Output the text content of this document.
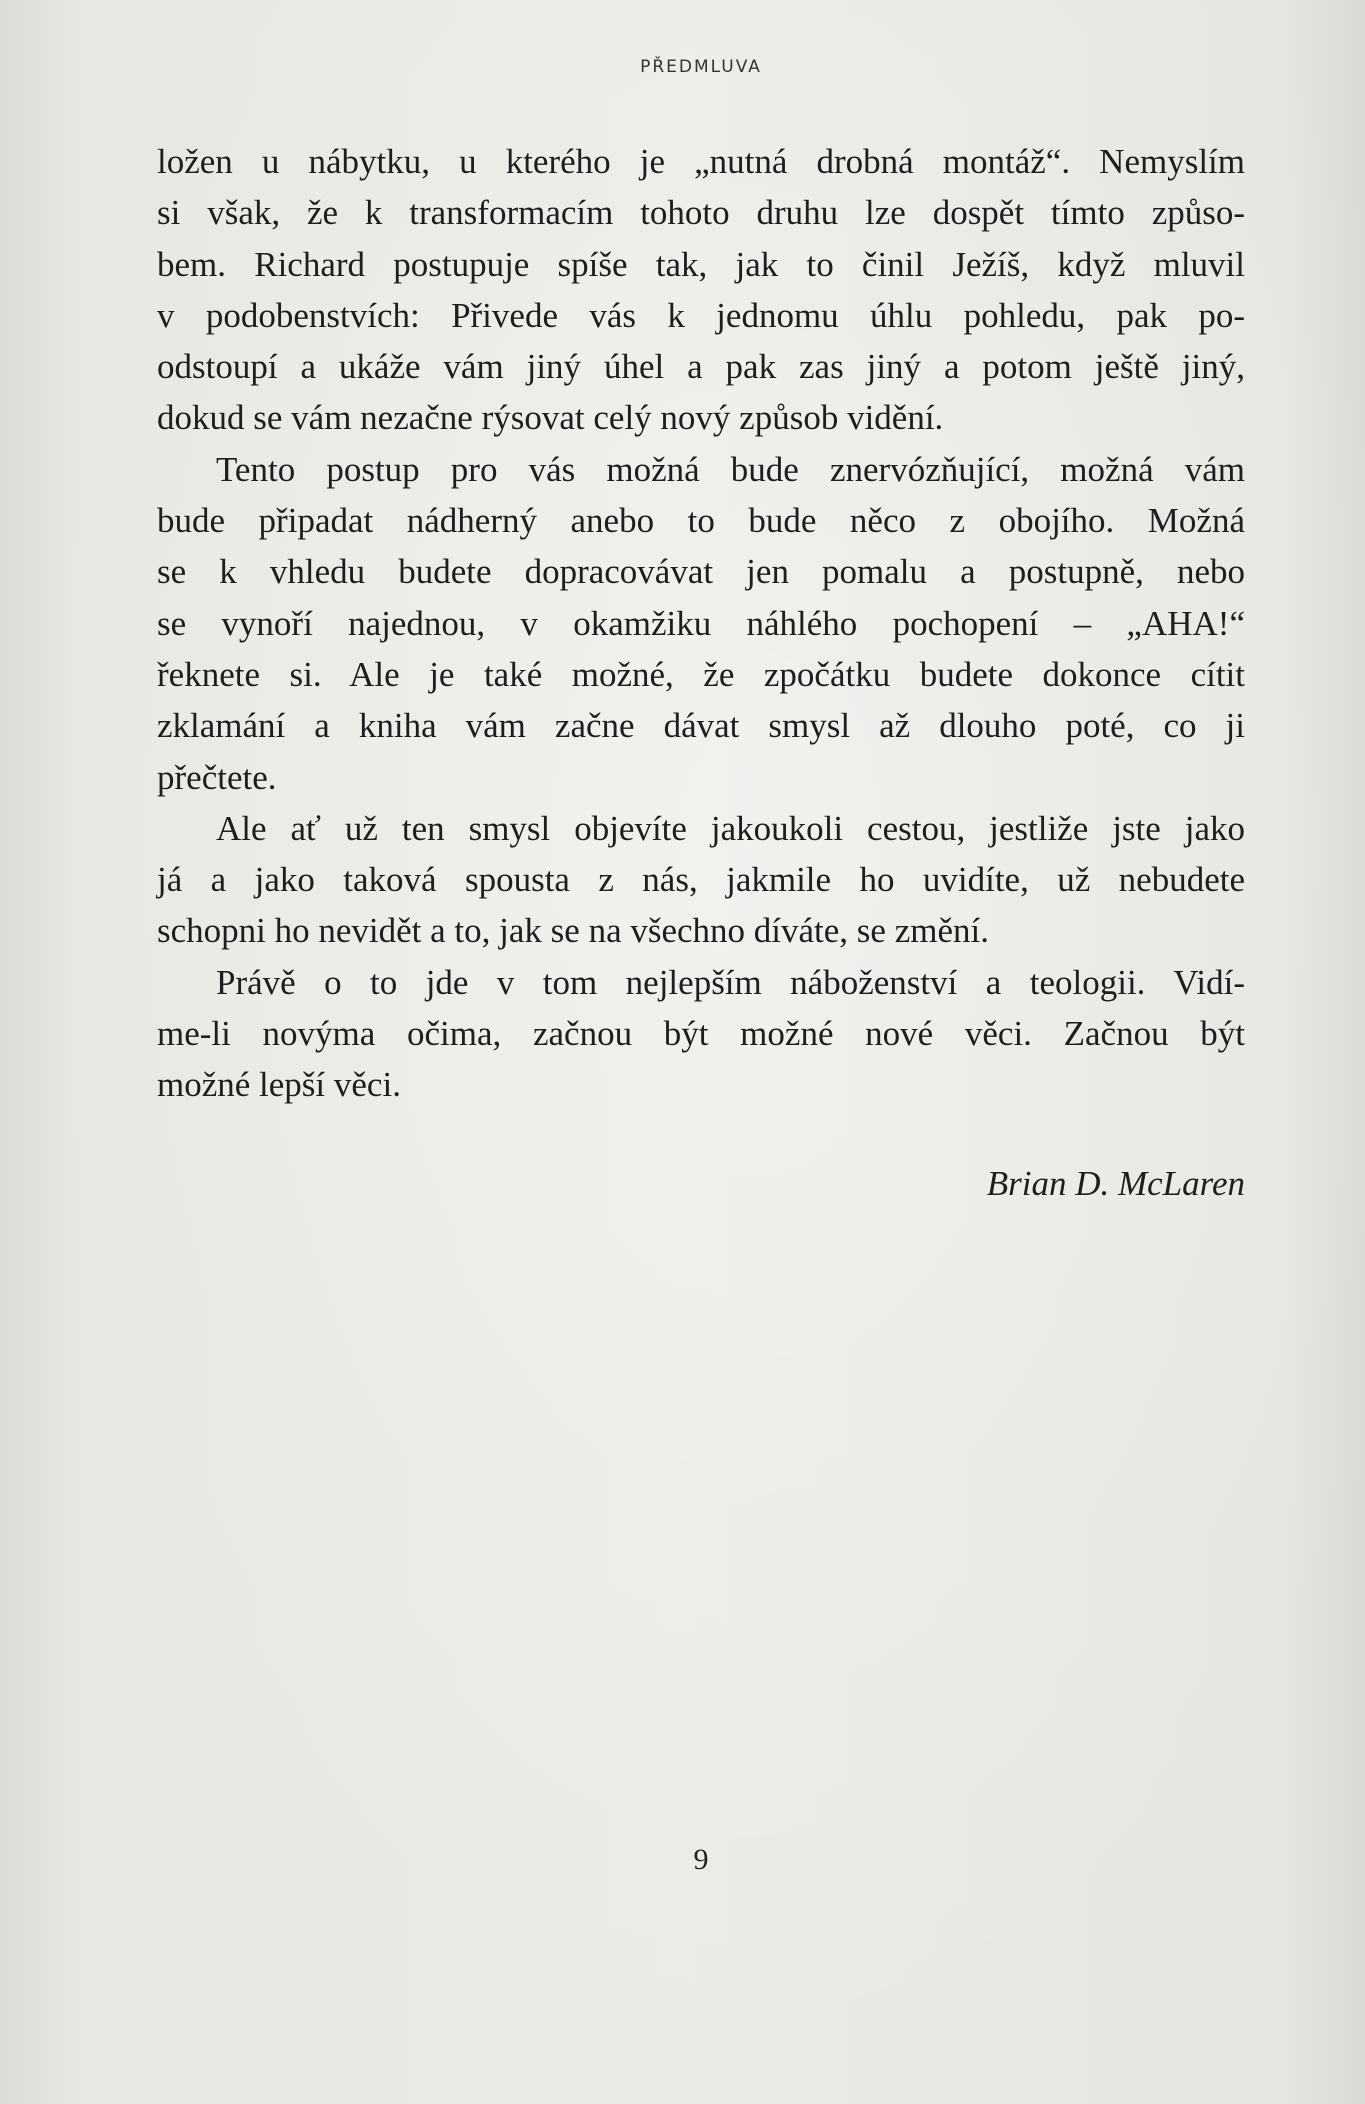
PŘEDMLUVA
ložen u nábytku, u kterého je „nutná drobná montáž“. Nemyslím
si však, že k transformacím tohoto druhu lze dospět tímto způso-
bem. Richard postupuje spíše tak, jak to činil Ježíš, když mluvil
v podobenstvích: Přivede vás k jednomu úhlu pohledu, pak po-
odstoupí a ukáže vám jiný úhel a pak zas jiný a potom ještě jiný,
dokud se vám nezačne rýsovat celý nový způsob vidění.
Tento postup pro vás možná bude znervózňující, možná vám
bude připadat nádherný anebo to bude něco z obojího. Možná
se k vhledu budete dopracovávat jen pomalu a postupně, nebo
se vynoří najednou, v okamžiku náhlého pochopení – „AHA!“
řeknete si. Ale je také možné, že zpočátku budete dokonce cítit
zklamání a kniha vám začne dávat smysl až dlouho poté, co ji
přečtete.
Ale ať už ten smysl objevíte jakoukoli cestou, jestliže jste jako
já a jako taková spousta z nás, jakmile ho uvidíte, už nebudete
schopni ho nevidět a to, jak se na všechno díváte, se změní.
Právě o to jde v tom nejlepším náboženství a teologii. Vidí-
me-li novýma očima, začnou být možné nové věci. Začnou být
možné lepší věci.
Brian D. McLaren
9
